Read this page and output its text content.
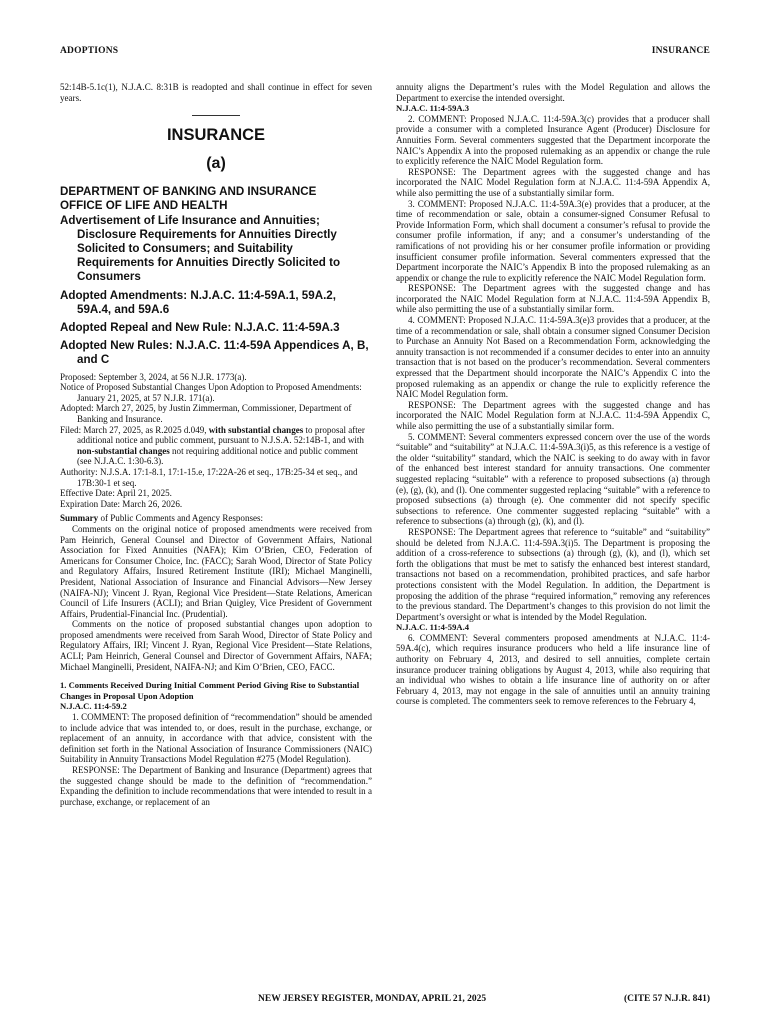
ADOPTIONS	INSURANCE

52:14B-5.1c(1), N.J.A.C. 8:31B is readopted and shall continue in effect for seven years.

INSURANCE
(a)
DEPARTMENT OF BANKING AND INSURANCE
OFFICE OF LIFE AND HEALTH
Advertisement of Life Insurance and Annuities; Disclosure Requirements for Annuities Directly Solicited to Consumers; and Suitability Requirements for Annuities Directly Solicited to Consumers
Adopted Amendments: N.J.A.C. 11:4-59A.1, 59A.2, 59A.4, and 59A.6
Adopted Repeal and New Rule: N.J.A.C. 11:4-59A.3
Adopted New Rules: N.J.A.C. 11:4-59A Appendices A, B, and C

Proposed: September 3, 2024, at 56 N.J.R. 1773(a).

Notice of Proposed Substantial Changes Upon Adoption to Proposed Amendments: January 21, 2025, at 57 N.J.R. 171(a).

Adopted: March 27, 2025, by Justin Zimmerman, Commissioner, Department of Banking and Insurance.

Filed: March 27, 2025, as R.2025 d.049, with substantial changes to proposal after additional notice and public comment, pursuant to N.J.S.A. 52:14B-1, and with non-substantial changes not requiring additional notice and public comment (see N.J.A.C. 1:30-6.3).

Authority: N.J.S.A. 17:1-8.1, 17:1-15.e, 17:22A-26 et seq., 17B:25-34 et seq., and 17B:30-1 et seq.

Effective Date: April 21, 2025.

Expiration Date: March 26, 2026.

Summary of Public Comments and Agency Responses:

Comments on the original notice of proposed amendments were received from Pam Heinrich, General Counsel and Director of Government Affairs, National Association for Fixed Annuities (NAFA); Kim O’Brien, CEO, Federation of Americans for Consumer Choice, Inc. (FACC); Sarah Wood, Director of State Policy and Regulatory Affairs, Insured Retirement Institute (IRI); Michael Manginelli, President, National Association of Insurance and Financial Advisors—New Jersey (NAIFA-NJ); Vincent J. Ryan, Regional Vice President—State Relations, American Council of Life Insurers (ACLI); and Brian Quigley, Vice President of Government Affairs, Prudential-Financial Inc. (Prudential).

Comments on the notice of proposed substantial changes upon adoption to proposed amendments were received from Sarah Wood, Director of State Policy and Regulatory Affairs, IRI; Vincent J. Ryan, Regional Vice President—State Relations, ACLI; Pam Heinrich, General Counsel and Director of Government Affairs, NAFA; Michael Manginelli, President, NAIFA-NJ; and Kim O’Brien, CEO, FACC.

1. Comments Received During Initial Comment Period Giving Rise to Substantial Changes in Proposal Upon Adoption

N.J.A.C. 11:4-59.2

1. COMMENT: The proposed definition of “recommendation” should be amended to include advice that was intended to, or does, result in the purchase, exchange, or replacement of an annuity, in accordance with that advice, consistent with the definition set forth in the National Association of Insurance Commissioners (NAIC) Suitability in Annuity Transactions Model Regulation #275 (Model Regulation).

RESPONSE: The Department of Banking and Insurance (Department) agrees that the suggested change should be made to the definition of “recommendation.” Expanding the definition to include recommendations that were intended to result in a purchase, exchange, or replacement of an

annuity aligns the Department’s rules with the Model Regulation and allows the Department to exercise the intended oversight.

N.J.A.C. 11:4-59A.3

2. COMMENT: Proposed N.J.A.C. 11:4-59A.3(c) provides that a producer shall provide a consumer with a completed Insurance Agent (Producer) Disclosure for Annuities Form. Several commenters suggested that the Department incorporate the NAIC’s Appendix A into the proposed rulemaking as an appendix or change the rule to explicitly reference the NAIC Model Regulation form.

RESPONSE: The Department agrees with the suggested change and has incorporated the NAIC Model Regulation form at N.J.A.C. 11:4-59A Appendix A, while also permitting the use of a substantially similar form.

3. COMMENT: Proposed N.J.A.C. 11:4-59A.3(e) provides that a producer, at the time of recommendation or sale, obtain a consumer-signed Consumer Refusal to Provide Information Form, which shall document a consumer’s refusal to provide the consumer profile information, if any; and a consumer’s understanding of the ramifications of not providing his or her consumer profile information or providing insufficient consumer profile information. Several commenters expressed that the Department incorporate the NAIC’s Appendix B into the proposed rulemaking as an appendix or change the rule to explicitly reference the NAIC Model Regulation form.

RESPONSE: The Department agrees with the suggested change and has incorporated the NAIC Model Regulation form at N.J.A.C. 11:4-59A Appendix B, while also permitting the use of a substantially similar form.

4. COMMENT: Proposed N.J.A.C. 11:4-59A.3(e)3 provides that a producer, at the time of a recommendation or sale, shall obtain a consumer signed Consumer Decision to Purchase an Annuity Not Based on a Recommendation Form, acknowledging the annuity transaction is not recommended if a consumer decides to enter into an annuity transaction that is not based on the producer’s recommendation. Several commenters expressed that the Department should incorporate the NAIC’s Appendix C into the proposed rulemaking as an appendix or change the rule to explicitly reference the NAIC Model Regulation form.

RESPONSE: The Department agrees with the suggested change and has incorporated the NAIC Model Regulation form at N.J.A.C. 11:4-59A Appendix C, while also permitting the use of a substantially similar form.

5. COMMENT: Several commenters expressed concern over the use of the words “suitable” and “suitability” at N.J.A.C. 11:4-59A.3(i)5, as this reference is a vestige of the older “suitability” standard, which the NAIC is seeking to do away with in favor of the enhanced best interest standard for annuity transactions. One commenter suggested replacing “suitable” with a reference to proposed subsections (a) through (e), (g), (k), and (l). One commenter suggested replacing “suitable” with a reference to proposed subsections (a) through (e). One commenter did not specify specific subsections to reference. One commenter suggested replacing “suitable” with a reference to subsections (a) through (g), (k), and (l).

RESPONSE: The Department agrees that reference to “suitable” and “suitability” should be deleted from N.J.A.C. 11:4-59A.3(i)5. The Department is proposing the addition of a cross-reference to subsections (a) through (g), (k), and (l), which set forth the obligations that must be met to satisfy the enhanced best interest standard, transactions not based on a recommendation, prohibited practices, and safe harbor protections consistent with the Model Regulation. In addition, the Department is proposing the addition of the phrase “required information,” removing any references to the previous standard. The Department’s changes to this provision do not limit the Department’s oversight or what is intended by the Model Regulation.

N.J.A.C. 11:4-59A.4

6. COMMENT: Several commenters proposed amendments at N.J.A.C. 11:4-59A.4(c), which requires insurance producers who held a life insurance line of authority on February 4, 2013, and desired to sell annuities, complete certain insurance producer training obligations by August 4, 2013, while also requiring that an individual who wishes to obtain a life insurance line of authority on or after February 4, 2013, may not engage in the sale of annuities until an annuity training course is completed. The commenters seek to remove references to the February 4,

NEW JERSEY REGISTER, MONDAY, APRIL 21, 2025	(CITE 57 N.J.R. 841)
